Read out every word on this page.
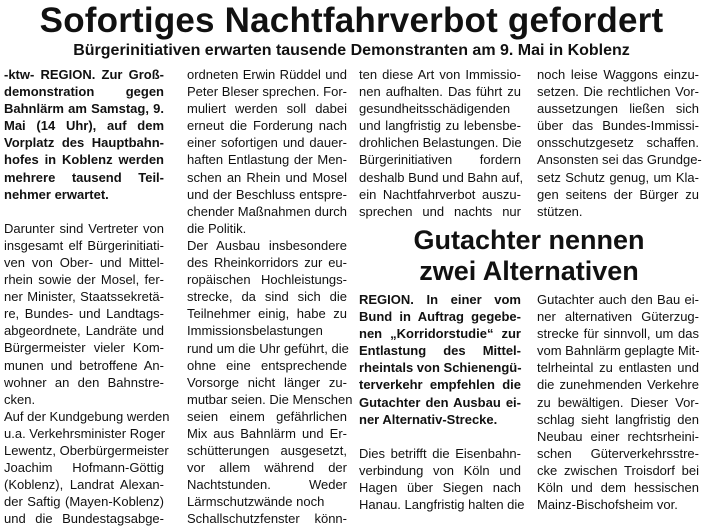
Sofortiges Nachtfahrverbot gefordert
Bürgerinitiativen erwarten tausende Demonstranten am 9. Mai in Koblenz
-ktw- REGION. Zur Groß-
demonstration gegen
Bahnlärm am Samstag, 9.
Mai (14 Uhr), auf dem
Vorplatz des Hauptbahn-
hofes in Koblenz werden
mehrere tausend Teil-
nehmer erwartet.
Darunter sind Vertreter von
insgesamt elf Bürgerinitiati-
ven von Ober- und Mittel-
rhein sowie der Mosel, fer-
ner Minister, Staatssekretä-
re, Bundes- und Landtags-
abgeordnete, Landräte und
Bürgermeister vieler Kom-
munen und betroffene An-
wohner an den Bahnstre-
cken.
Auf der Kundgebung werden
u.a. Verkehrsminister Roger
Lewentz, Oberbürgermeister
Joachim Hofmann-Göttig
(Koblenz), Landrat Alexan-
der Saftig (Mayen-Koblenz)
und die Bundestagsabge-
ordneten Erwin Rüddel und
Peter Bleser sprechen. For-
muliert werden soll dabei
erneut die Forderung nach
einer sofortigen und dauer-
haften Entlastung der Men-
schen an Rhein und Mosel
und der Beschluss entspre-
chender Maßnahmen durch
die Politik.
Der Ausbau insbesondere
des Rheinkorridors zur eu-
ropäischen Hochleistungs-
strecke, da sind sich die
Teilnehmer einig, habe zu
Immissionsbelastungen
rund um die Uhr geführt, die
ohne eine entsprechende
Vorsorge nicht länger zu-
mutbar seien. Die Menschen
seien einem gefährlichen
Mix aus Bahnlärm und Er-
schütterungen ausgesetzt,
vor allem während der
Nachtstunden. Weder
Lärmschutzwände noch
Schallschutzfenster könn-
ten diese Art von Immissio-
nen aufhalten. Das führt zu
gesundheitsschädigenden
und langfristig zu lebensbe-
drohlichen Belastungen. Die
Bürgerinitiativen fordern
deshalb Bund und Bahn auf,
ein Nachtfahrverbot auszu-
sprechen und nachts nur
noch leise Waggons einzu-
setzen. Die rechtlichen Vor-
aussetzungen ließen sich
über das Bundes-Immissi-
onsschutzgesetz schaffen.
Ansonsten sei das Grundge-
setz Schutz genug, um Kla-
gen seitens der Bürger zu
stützen.
Gutachter nennen
zwei Alternativen
REGION. In einer vom
Bund in Auftrag gegebe-
nen „Korridorstudie“ zur
Entlastung des Mittel-
rheintals von Schienengü-
terverkehr empfehlen die
Gutachter den Ausbau ei-
ner Alternativ-Strecke.
Dies betrifft die Eisenbahn-
verbindung von Köln und
Hagen über Siegen nach
Hanau. Langfristig halten die
Gutachter auch den Bau ei-
ner alternativen Güterzug-
strecke für sinnvoll, um das
vom Bahnlärm geplagte Mit-
telrheintal zu entlasten und
die zunehmenden Verkehre
zu bewältigen. Dieser Vor-
schlag sieht langfristig den
Neubau einer rechtsrheini-
schen Güterverkehrsstre-
cke zwischen Troisdorf bei
Köln und dem hessischen
Mainz-Bischofsheim vor.
